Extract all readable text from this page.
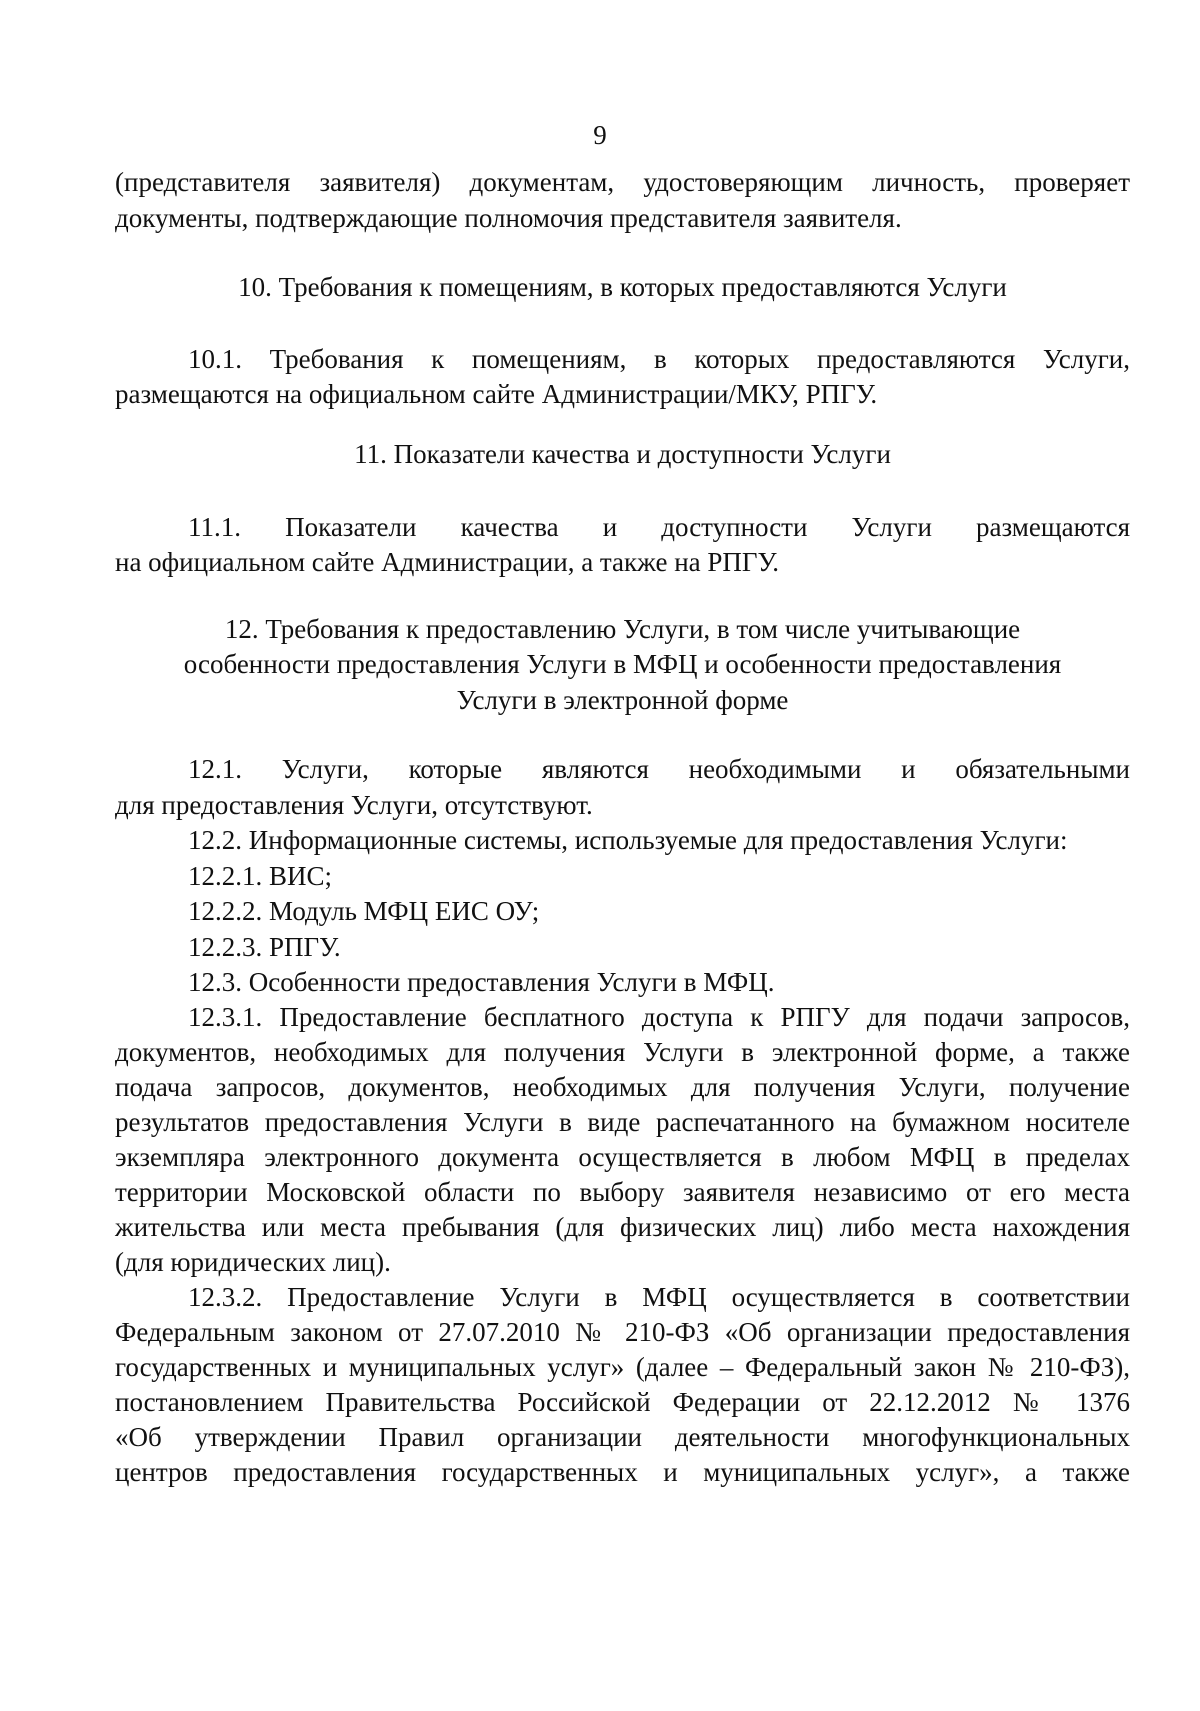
9
(представителя заявителя) документам, удостоверяющим личность, проверяет
документы, подтверждающие полномочия представителя заявителя.
10. Требования к помещениям, в которых предоставляются Услуги
10.1. Требования к помещениям, в которых предоставляются Услуги,
размещаются на официальном сайте Администрации/МКУ, РПГУ.
11. Показатели качества и доступности Услуги
11.1. Показатели качества и доступности Услуги размещаются
на официальном сайте Администрации, а также на РПГУ.
12. Требования к предоставлению Услуги, в том числе учитывающие
особенности предоставления Услуги в МФЦ и особенности предоставления
Услуги в электронной форме
12.1. Услуги, которые являются необходимыми и обязательными
для предоставления Услуги, отсутствуют.
12.2. Информационные системы, используемые для предоставления Услуги:
12.2.1. ВИС;
12.2.2. Модуль МФЦ ЕИС ОУ;
12.2.3. РПГУ.
12.3. Особенности предоставления Услуги в МФЦ.
12.3.1. Предоставление бесплатного доступа к РПГУ для подачи запросов,
документов, необходимых для получения Услуги в электронной форме, а также
подача запросов, документов, необходимых для получения Услуги, получение
результатов предоставления Услуги в виде распечатанного на бумажном носителе
экземпляра электронного документа осуществляется в любом МФЦ в пределах
территории Московской области по выбору заявителя независимо от его места
жительства или места пребывания (для физических лиц) либо места нахождения
(для юридических лиц).
12.3.2. Предоставление Услуги в МФЦ осуществляется в соответствии
Федеральным законом от 27.07.2010 № 210-ФЗ «Об организации предоставления
государственных и муниципальных услуг» (далее – Федеральный закон № 210-ФЗ),
постановлением Правительства Российской Федерации от 22.12.2012 № 1376
«Об утверждении Правил организации деятельности многофункциональных
центров предоставления государственных и муниципальных услуг», а также
